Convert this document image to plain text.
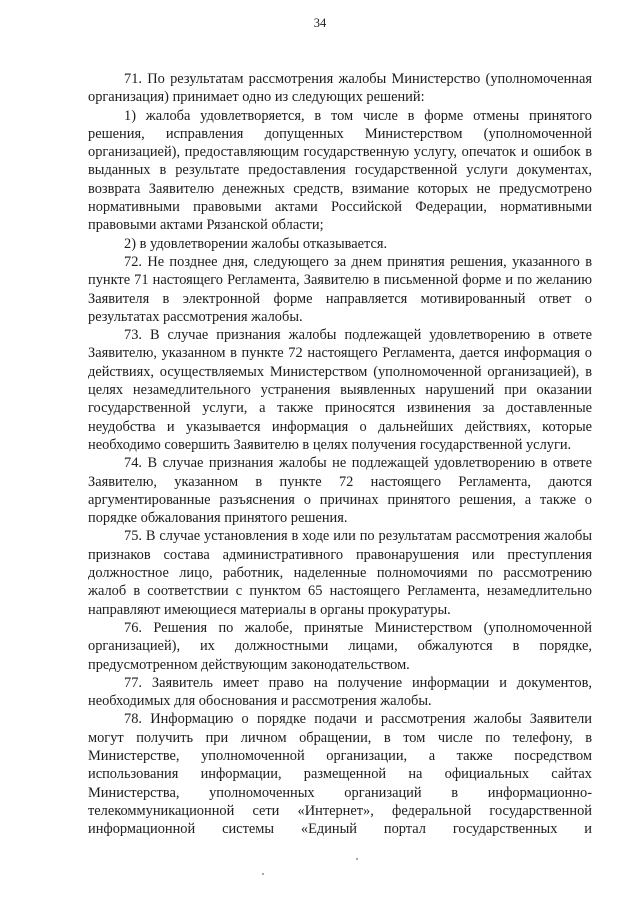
34

71. По результатам рассмотрения жалобы Министерство (уполномоченная организация) принимает одно из следующих решений:

1) жалоба удовлетворяется, в том числе в форме отмены принятого решения, исправления допущенных Министерством (уполномоченной организацией), предоставляющим государственную услугу, опечаток и ошибок в выданных в результате предоставления государственной услуги документах, возврата Заявителю денежных средств, взимание которых не предусмотрено нормативными правовыми актами Российской Федерации, нормативными правовыми актами Рязанской области;

2) в удовлетворении жалобы отказывается.

72. Не позднее дня, следующего за днем принятия решения, указанного в пункте 71 настоящего Регламента, Заявителю в письменной форме и по желанию Заявителя в электронной форме направляется мотивированный ответ о результатах рассмотрения жалобы.

73. В случае признания жалобы подлежащей удовлетворению в ответе Заявителю, указанном в пункте 72 настоящего Регламента, дается информация о действиях, осуществляемых Министерством (уполномоченной организацией), в целях незамедлительного устранения выявленных нарушений при оказании государственной услуги, а также приносятся извинения за доставленные неудобства и указывается информация о дальнейших действиях, которые необходимо совершить Заявителю в целях получения государственной услуги.

74. В случае признания жалобы не подлежащей удовлетворению в ответе Заявителю, указанном в пункте 72 настоящего Регламента, даются аргументированные разъяснения о причинах принятого решения, а также о порядке обжалования принятого решения.

75. В случае установления в ходе или по результатам рассмотрения жалобы признаков состава административного правонарушения или преступления должностное лицо, работник, наделенные полномочиями по рассмотрению жалоб в соответствии с пунктом 65 настоящего Регламента, незамедлительно направляют имеющиеся материалы в органы прокуратуры.

76. Решения по жалобе, принятые Министерством (уполномоченной организацией), их должностными лицами, обжалуются в порядке, предусмотренном действующим законодательством.

77. Заявитель имеет право на получение информации и документов, необходимых для обоснования и рассмотрения жалобы.

78. Информацию о порядке подачи и рассмотрения жалобы Заявители могут получить при личном обращении, в том числе по телефону, в Министерстве, уполномоченной организации, а также посредством использования информации, размещенной на официальных сайтах Министерства, уполномоченных организаций в информационно-телекоммуникационной сети «Интернет», федеральной государственной информационной системы «Единый портал государственных и
